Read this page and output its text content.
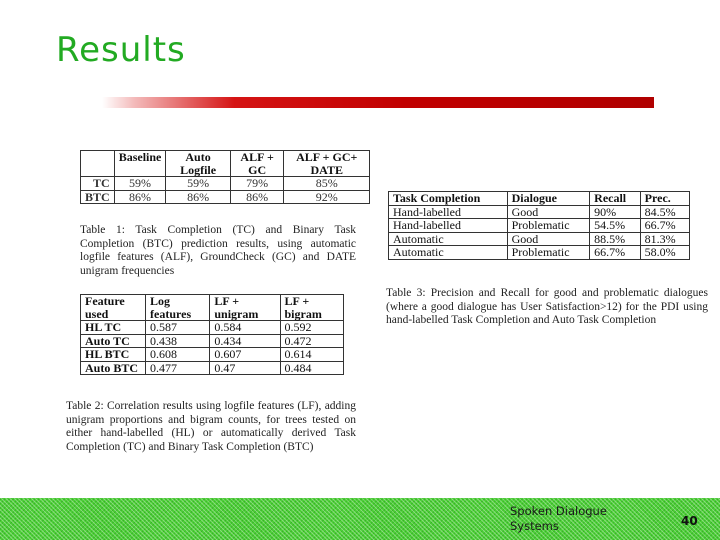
Results
	Baseline	Auto Logfile	ALF + GC	ALF + GC+ DATE
TC	59%	59%	79%	85%
BTC	86%	86%	86%	92%

Table 1: Task Completion (TC) and Binary Task Completion (BTC) prediction results, using automatic logfile features (ALF), GroundCheck (GC) and DATE unigram frequencies

Feature used	Log features	LF + unigram	LF + bigram
HL TC	0.587	0.584	0.592
Auto TC	0.438	0.434	0.472
HL BTC	0.608	0.607	0.614
Auto BTC	0.477	0.47	0.484

Table 2: Correlation results using logfile features (LF), adding unigram proportions and bigram counts, for trees tested on either hand-labelled (HL) or automatically derived Task Completion (TC) and Binary Task Completion (BTC)

Task Completion	Dialogue	Recall	Prec.
Hand-labelled	Good	90%	84.5%
Hand-labelled	Problematic	54.5%	66.7%
Automatic	Good	88.5%	81.3%
Automatic	Problematic	66.7%	58.0%

Table 3: Precision and Recall for good and problematic dialogues (where a good dialogue has User Satisfaction>12) for the PDI using hand-labelled Task Completion and Auto Task Completion

Spoken Dialogue Systems	40
